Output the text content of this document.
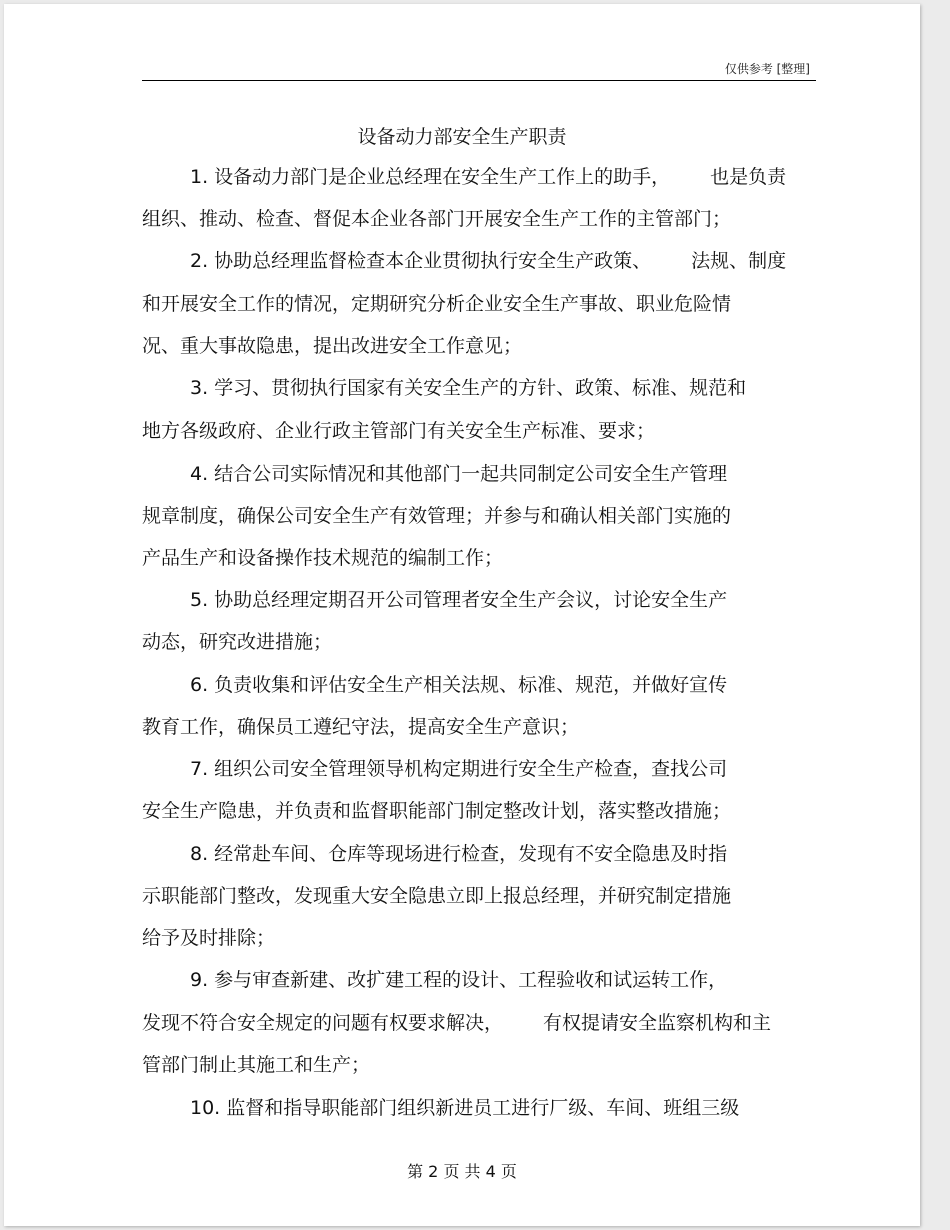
仅供参考 [整理]
设备动力部安全生产职责
1. 设备动力部门是企业总经理在安全生产工作上的助手， 也是负责
组织、推动、检查、督促本企业各部门开展安全生产工作的主管部门；
2. 协助总经理监督检查本企业贯彻执行安全生产政策、 法规、制度
和开展安全工作的情况，定期研究分析企业安全生产事故、职业危险情
况、重大事故隐患，提出改进安全工作意见；
3. 学习、贯彻执行国家有关安全生产的方针、政策、标准、规范和
地方各级政府、企业行政主管部门有关安全生产标准、要求；
4. 结合公司实际情况和其他部门一起共同制定公司安全生产管理
规章制度，确保公司安全生产有效管理；并参与和确认相关部门实施的
产品生产和设备操作技术规范的编制工作；
5. 协助总经理定期召开公司管理者安全生产会议，讨论安全生产
动态，研究改进措施；
6. 负责收集和评估安全生产相关法规、标准、规范，并做好宣传
教育工作，确保员工遵纪守法，提高安全生产意识；
7. 组织公司安全管理领导机构定期进行安全生产检查，查找公司
安全生产隐患，并负责和监督职能部门制定整改计划，落实整改措施；
8. 经常赴车间、仓库等现场进行检查，发现有不安全隐患及时指
示职能部门整改，发现重大安全隐患立即上报总经理，并研究制定措施
给予及时排除；
9. 参与审查新建、改扩建工程的设计、工程验收和试运转工作，
发现不符合安全规定的问题有权要求解决， 有权提请安全监察机构和主
管部门制止其施工和生产；
10. 监督和指导职能部门组织新进员工进行厂级、车间、班组三级
第 2 页 共 4 页
